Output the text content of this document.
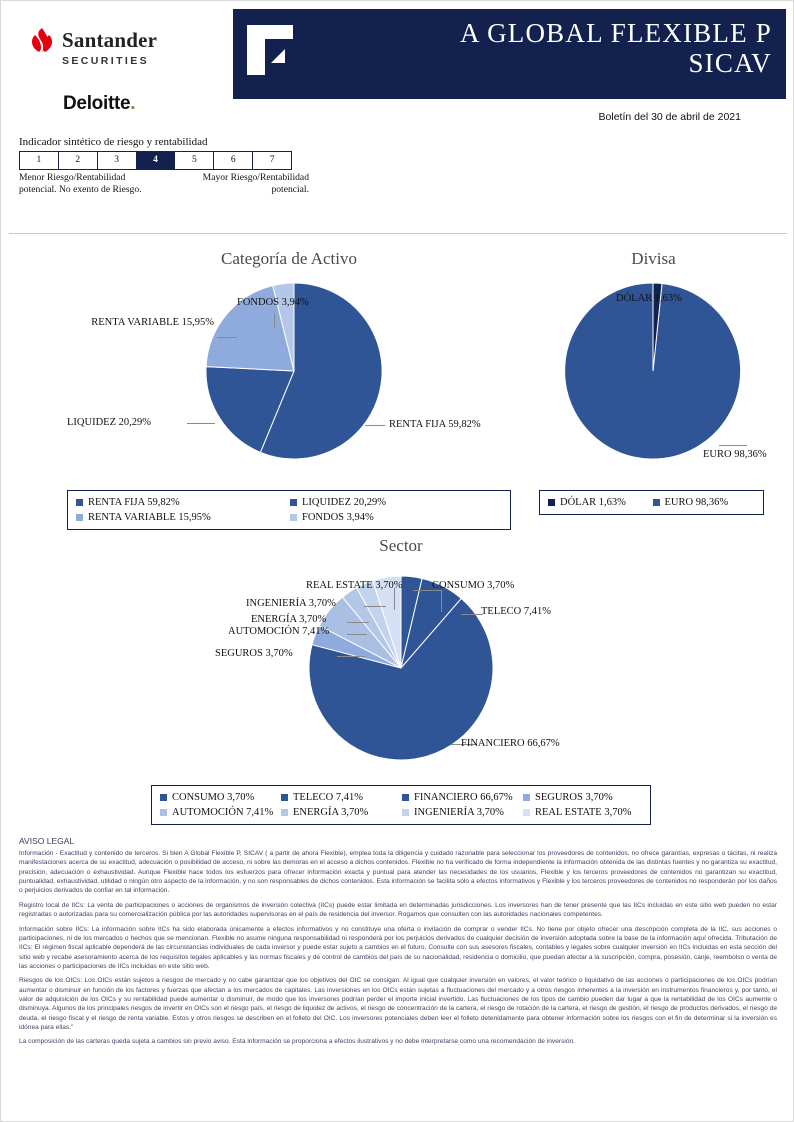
Santander
SECURITIES
Deloitte.
A GLOBAL FLEXIBLE P
SICAV
Boletín del 30 de abril de 2021
Indicador sintético de riesgo y rentabilidad
1	2	3	4	5	6	7
Menor Riesgo/Rentabilidad potencial. No exento de Riesgo.
Mayor Riesgo/Rentabilidad potencial.
Categoría de Activo
FONDOS 3,94%
RENTA VARIABLE 15,95%
LIQUIDEZ 20,29%	RENTA FIJA 59,82%
RENTA FIJA 59,82%	LIQUIDEZ 20,29%
RENTA VARIABLE 15,95%	FONDOS 3,94%
Divisa
DÓLAR 1,63%
EURO 98,36%
DÓLAR 1,63%	EURO 98,36%
Sector
REAL ESTATE 3,70%	CONSUMO 3,70%
TELECO 7,41%
INGENIERÍA 3,70%
ENERGÍA 3,70%
AUTOMOCIÓN 7,41%
SEGUROS 3,70%
FINANCIERO 66,67%
CONSUMO 3,70%	TELECO 7,41%	FINANCIERO 66,67% SEGUROS 3,70%
AUTOMOCIÓN 7,41% ENERGÍA 3,70%	INGENIERÍA 3,70%	REAL ESTATE 3,70%
AVISO LEGAL

Información - Exactitud y contenido de terceros. Si bien A Global Flexible P, SICAV ( a partir de ahora Flexible), emplea toda la diligencia y cuidado razonable para seleccionar los proveedores de contenidos, no ofrece garantías, expresas o tácitas, ni realiza manifestaciones acerca de su exactitud, adecuación o posibilidad de acceso, ni sobre las demoras en el acceso a dichos contenidos. Flexible no ha verificado de forma independiente la información obtenida de las distintas fuentes y no garantiza su exactitud, precisión, adecuación o exhaustividad. Aunque Flexible hace todos los esfuerzos para ofrecer información exacta y puntual para atender las necesidades de los usuarios, Flexible y los terceros proveedores de contenidos no garantizan su exactitud, puntualidad, exhaustividad, utilidad o ningún otro aspecto de la información, y no son responsables de dichos contenidos. Esta información se facilita sólo a efectos informativos y Flexible y los terceros proveedores de contenidos no responderán por los daños o perjuicios derivados de confiar en tal información.

Registro local de IICs: La venta de participaciones o acciones de organismos de inversión colectiva (IICs) puede estar limitada en determinadas jurisdicciones. Los inversores han de tener presente que las IICs incluidas en este sitio web pueden no estar registradas o autorizadas para su comercialización pública por las autoridades supervisoras en el país de residencia del inversor. Rogamos que consulten con las autoridades nacionales competentes.

Información sobre IICs: La información sobre IICs ha sido elaborada únicamente a efectos informativos y no constituye una oferta o invitación de comprar o vender IICs. No tiene por objeto ofrecer una descripción completa de la IIC, sus acciones o participaciones, ni de los mercados o hechos que se mencionan. Flexible no asume ninguna responsabilidad ni responderá por los perjuicios derivados de cualquier decisión de inversión adoptada sobre la base de la información aquí ofrecida. Tributación de IICs: El régimen fiscal aplicable dependerá de las circunstancias individuales de cada inversor y puede estar sujeto a cambios en el futuro. Consulte con sus asesores fiscales, contables y legales sobre cualquier inversión en IICs incluidas en esta sección del sitio web y recabe asesoramiento acerca de los requisitos legales aplicables y las normas fiscales y de control de cambios del país de su nacionalidad, residencia o domicilio, que puedan afectar a la suscripción, compra, posesión, canje, reembolso o venta de las acciones o participaciones de IICs incluidas en este sitio web.

Riesgos de los OICs: Los OICs están sujetos a riesgos de mercado y no cabe garantizar que los objetivos del OIC se consigan. Al igual que cualquier inversión en valores, el valor teórico o liquidativo de las acciones o participaciones de los OICs podrían aumentar o disminuir en función de los factores y fuerzas que afectan a los mercados de capitales. Las inversiones en los OICs están sujetas a fluctuaciones del mercado y a otros riesgos inherentes a la inversión en instrumentos financieros y, por tanto, el valor de adquisición de los OICs y su rentabilidad puede aumentar o disminuir, de modo que los inversores podrían perder el importe inicial invertido. Las fluctuaciones de los tipos de cambio pueden dar lugar a que la rentabilidad de los OICs aumente o disminuya. Algunos de los principales riesgos de invertir en OICs son el riesgo país, el riesgo de liquidez de activos, el riesgo de concentración de la cartera, el riesgo de rotación de la cartera, el riesgo de gestión, el riesgo de productos derivados, el riesgo de deuda, el riesgo fiscal y el riesgo de renta variable. Estos y otros riesgos se describen en el folleto del OIC. Los inversores potenciales deben leer el folleto detenidamente para obtener información sobre los riesgos con el fin de determinar si la inversión es idónea para ellas."

La composición de las carteras queda sujeta a cambios sin previo aviso. Esta información se proporciona a efectos ilustrativos y no debe interpretarse como una recomendación de inversión.
